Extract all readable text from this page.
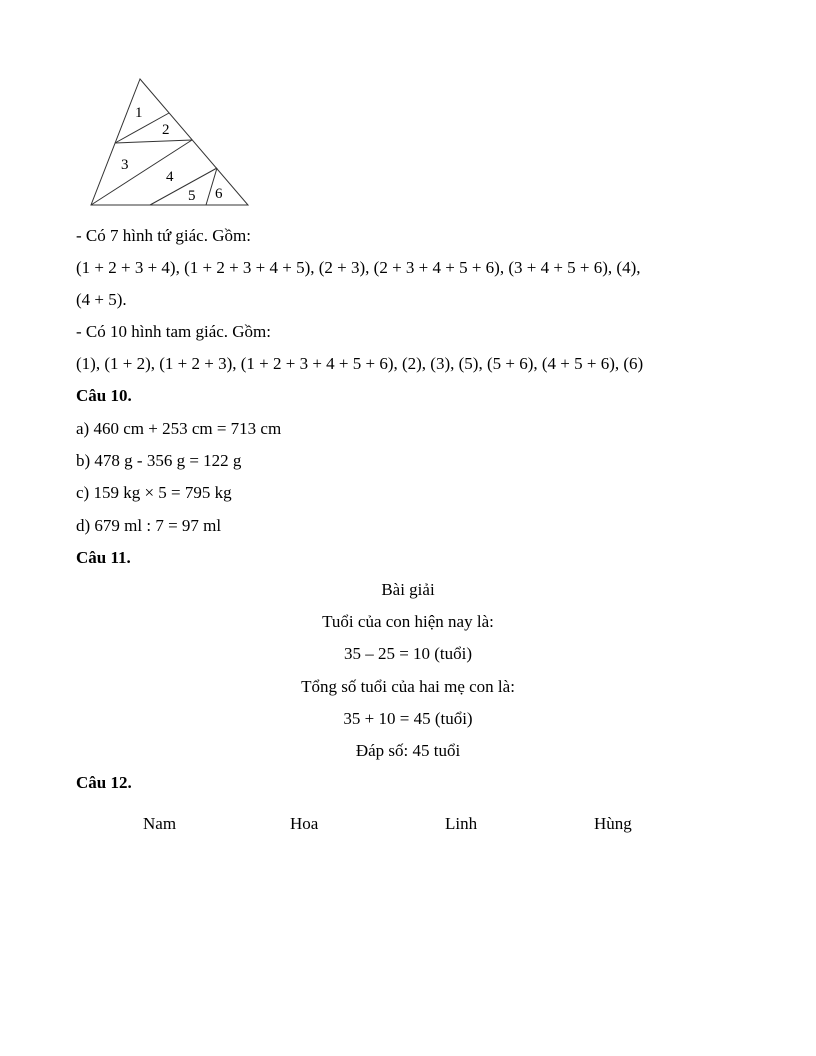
1
2
3
4
5 6
- Có 7 hình tứ giác. Gồm:
(1 + 2 + 3 + 4), (1 + 2 + 3 + 4 + 5), (2 + 3), (2 + 3 + 4 + 5 + 6), (3 + 4 + 5 + 6), (4),
(4 + 5).
- Có 10 hình tam giác. Gồm:
(1), (1 + 2), (1 + 2 + 3), (1 + 2 + 3 + 4 + 5 + 6), (2), (3), (5), (5 + 6), (4 + 5 + 6), (6)
Câu 10.
a) 460 cm + 253 cm = 713 cm
b) 478 g - 356 g = 122 g
c) 159 kg × 5 = 795 kg
d) 679 ml : 7 = 97 ml
Câu 11.
Bài giải
Tuổi của con hiện nay là:
35 – 25 = 10 (tuổi)
Tổng số tuổi của hai mẹ con là:
35 + 10 = 45 (tuổi)
Đáp số: 45 tuổi
Câu 12.
Nam	Hoa	Linh	Hùng
